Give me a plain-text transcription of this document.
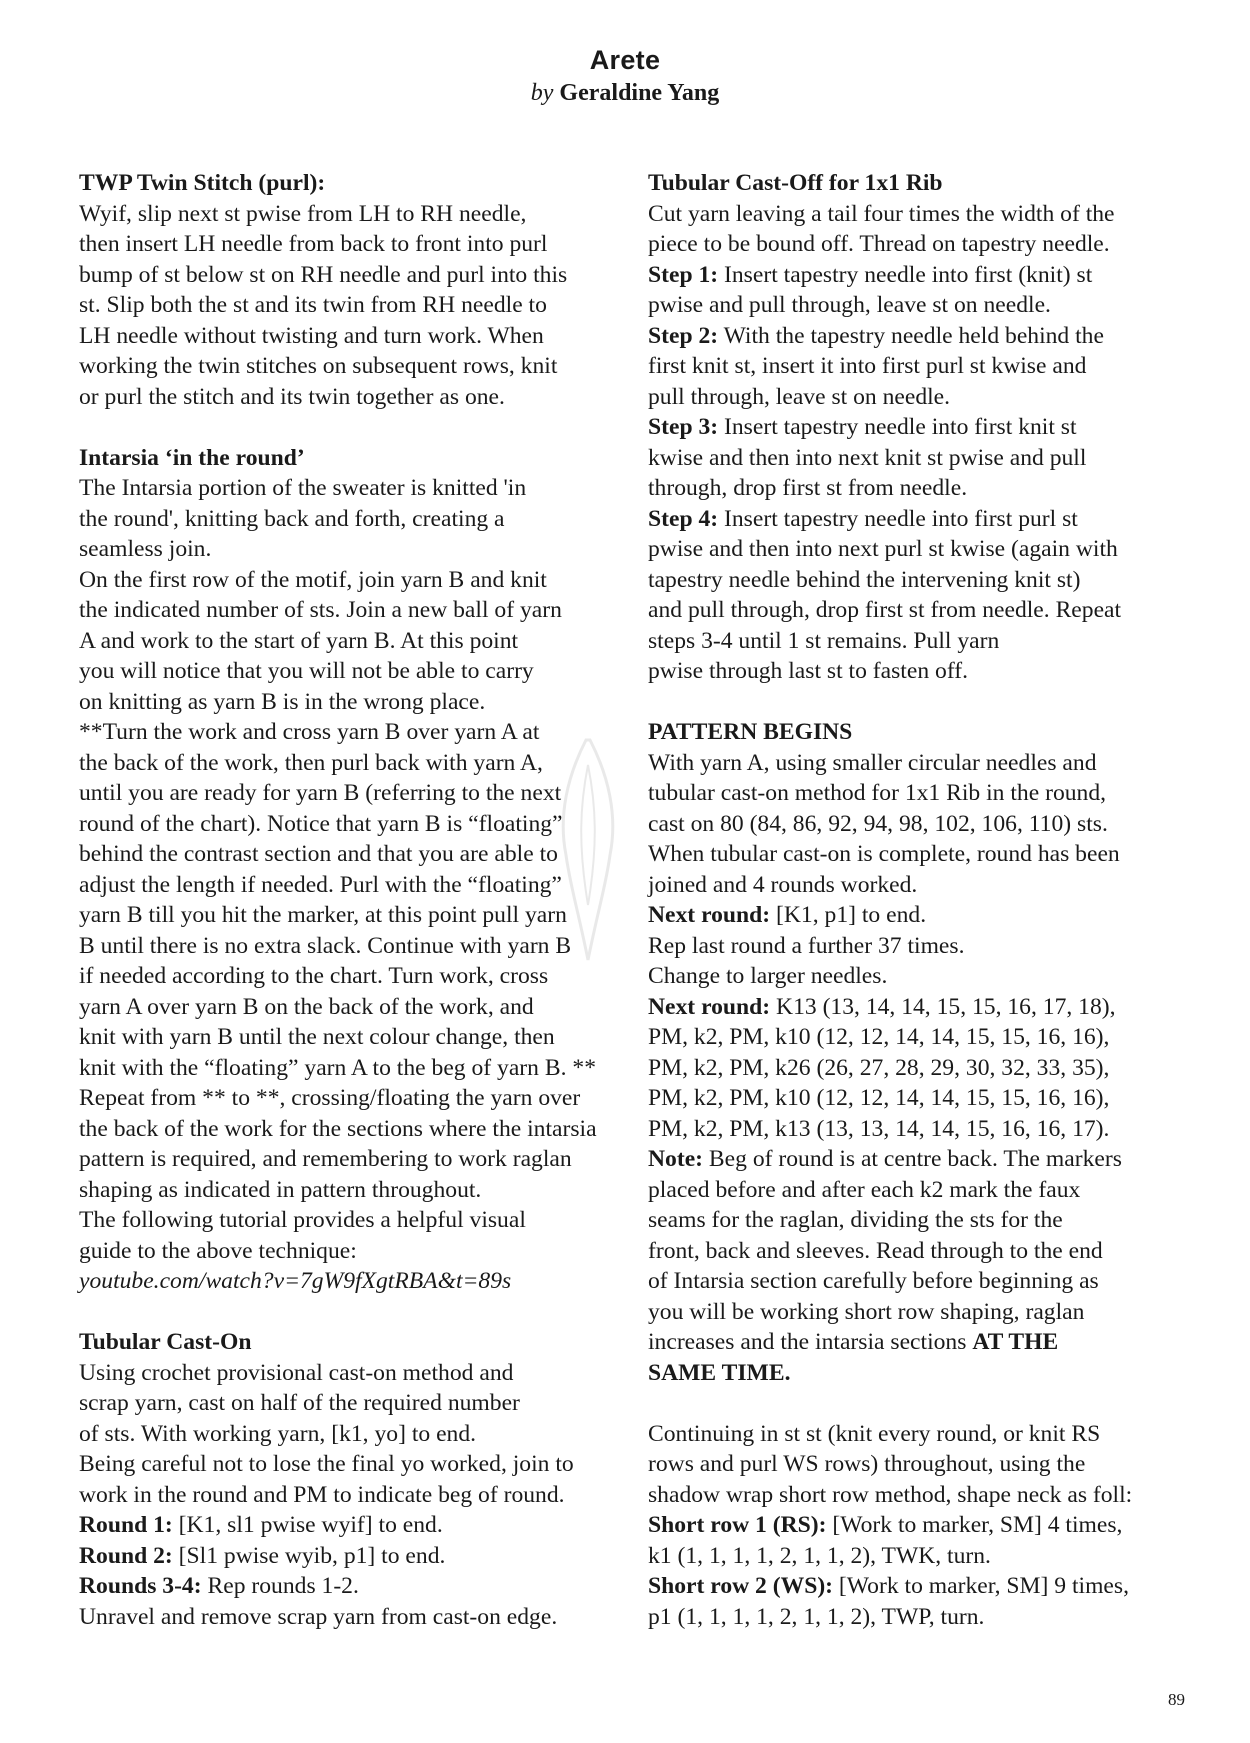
Arete
by Geraldine Yang

TWP Twin Stitch (purl):

Wyif, slip next st pwise from LH to RH needle,

then insert LH needle from back to front into purl

bump of st below st on RH needle and purl into this

st. Slip both the st and its twin from RH needle to

LH needle without twisting and turn work. When

working the twin stitches on subsequent rows, knit

or purl the stitch and its twin together as one.

Intarsia ‘in the round’

The Intarsia portion of the sweater is knitted 'in

the round', knitting back and forth, creating a

seamless join.

On the first row of the motif, join yarn B and knit

the indicated number of sts. Join a new ball of yarn

A and work to the start of yarn B. At this point

you will notice that you will not be able to carry

on knitting as yarn B is in the wrong place.

**Turn the work and cross yarn B over yarn A at

the back of the work, then purl back with yarn A,

until you are ready for yarn B (referring to the next

round of the chart). Notice that yarn B is “floating”

behind the contrast section and that you are able to

adjust the length if needed. Purl with the “floating”

yarn B till you hit the marker, at this point pull yarn

B until there is no extra slack. Continue with yarn B

if needed according to the chart. Turn work, cross

yarn A over yarn B on the back of the work, and

knit with yarn B until the next colour change, then

knit with the “floating” yarn A to the beg of yarn B. **

Repeat from ** to **, crossing/floating the yarn over

the back of the work for the sections where the intarsia

pattern is required, and remembering to work raglan

shaping as indicated in pattern throughout.

The following tutorial provides a helpful visual

guide to the above technique:

youtube.com/watch?v=7gW9fXgtRBA&t=89s

Tubular Cast-On

Using crochet provisional cast-on method and

scrap yarn, cast on half of the required number

of sts. With working yarn, [k1, yo] to end.

Being careful not to lose the final yo worked, join to

work in the round and PM to indicate beg of round.

Round 1: [K1, sl1 pwise wyif] to end.

Round 2: [Sl1 pwise wyib, p1] to end.

Rounds 3-4: Rep rounds 1-2.

Unravel and remove scrap yarn from cast-on edge.

Tubular Cast-Off for 1x1 Rib

Cut yarn leaving a tail four times the width of the

piece to be bound off. Thread on tapestry needle.

Step 1: Insert tapestry needle into first (knit) st

pwise and pull through, leave st on needle.

Step 2: With the tapestry needle held behind the

first knit st, insert it into first purl st kwise and

pull through, leave st on needle.

Step 3: Insert tapestry needle into first knit st

kwise and then into next knit st pwise and pull

through, drop first st from needle.

Step 4: Insert tapestry needle into first purl st

pwise and then into next purl st kwise (again with

tapestry needle behind the intervening knit st)

and pull through, drop first st from needle. Repeat

steps 3-4 until 1 st remains. Pull yarn

pwise through last st to fasten off.

PATTERN BEGINS

With yarn A, using smaller circular needles and

tubular cast-on method for 1x1 Rib in the round,

cast on 80 (84, 86, 92, 94, 98, 102, 106, 110) sts.

When tubular cast-on is complete, round has been

joined and 4 rounds worked.

Next round: [K1, p1] to end.

Rep last round a further 37 times.

Change to larger needles.

Next round: K13 (13, 14, 14, 15, 15, 16, 17, 18),

PM, k2, PM, k10 (12, 12, 14, 14, 15, 15, 16, 16),

PM, k2, PM, k26 (26, 27, 28, 29, 30, 32, 33, 35),

PM, k2, PM, k10 (12, 12, 14, 14, 15, 15, 16, 16),

PM, k2, PM, k13 (13, 13, 14, 14, 15, 16, 16, 17).

Note: Beg of round is at centre back. The markers

placed before and after each k2 mark the faux

seams for the raglan, dividing the sts for the

front, back and sleeves. Read through to the end

of Intarsia section carefully before beginning as

you will be working short row shaping, raglan

increases and the intarsia sections AT THE

SAME TIME.

Continuing in st st (knit every round, or knit RS

rows and purl WS rows) throughout, using the

shadow wrap short row method, shape neck as foll:

Short row 1 (RS): [Work to marker, SM] 4 times,

k1 (1, 1, 1, 1, 2, 1, 1, 2), TWK, turn.

Short row 2 (WS): [Work to marker, SM] 9 times,

p1 (1, 1, 1, 1, 2, 1, 1, 2), TWP, turn.

89
